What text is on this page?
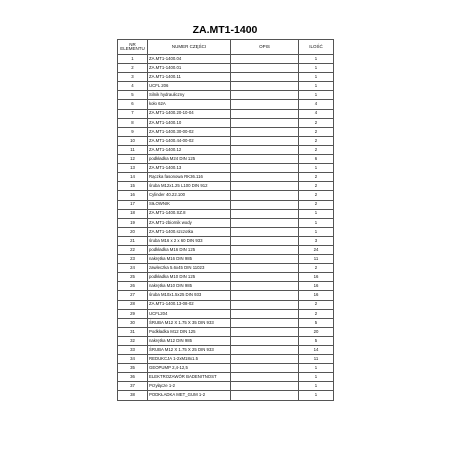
ZA.MT1-1400
NR ELEMENTU	NUMER CZĘŚCI	OPIS	ILOŚĆ
1	ZA.MT1-1400.04		1
2	ZA.MT1-1400.01		1
3	ZA.MT1-1400.11		1
4	UCFL 206		1
5	Silnik hydrauliczny		1
6	koło 62A		4
7	ZA.MT1-1400.20-10-04		4
8	ZA.MT1-1400.10		2
9	ZA.MT1-1400.30-00-02		2
10	ZA.MT1-1400.44-00-02		2
11	ZA.MT1-1400.12		2
12	podkładka M24 DIN 125		6
13	ZA.MT1-1400.13		1
14	Rączka fasonowa RK36.116		2
15	śruba M12x1.25 L100 DIN 912		2
16	Cylinder 40.22.100		2
17	SIŁOWNIK		2
18	ZA.MT1-1400.SZ.8		1
19	ZA.MT1-zbiornik wody		1
20	ZA.MT1-1400.szczotka		1
21	śruba M16 x 2 x 60 DIN 933		3
22	podkładka M16 DIN 125		24
23	nakrętka M16 DIN 985		11
24	zawleczka 5.6x45 DIN 11023		2
25	podkładka M10 DIN 125		16
26	nakrętka M10 DIN 985		16
27	śruba M10x1.5x25 DIN 933		16
28	ZA.MT1-1400.13-08-02		2
29	UCFL204		2
30	ŚRUBA M12 X 1.75 X 35 DIN 933		5
31	Podkładka M12 DIN 125		20
32	nakrętka M12 DIN 985		5
33	ŚRUBA M12 X 1.75 X 25 DIN 933		14
34	REDUKCJA 1-2xM18x1.5		11
35	GEOPUMP 2,4-12,5		1
36	ELEKTROZAWÓR BADENITNOST		1
37	Przyłącze 1-2		1
38	PODKŁADKA MET_GUM 1-2		1
